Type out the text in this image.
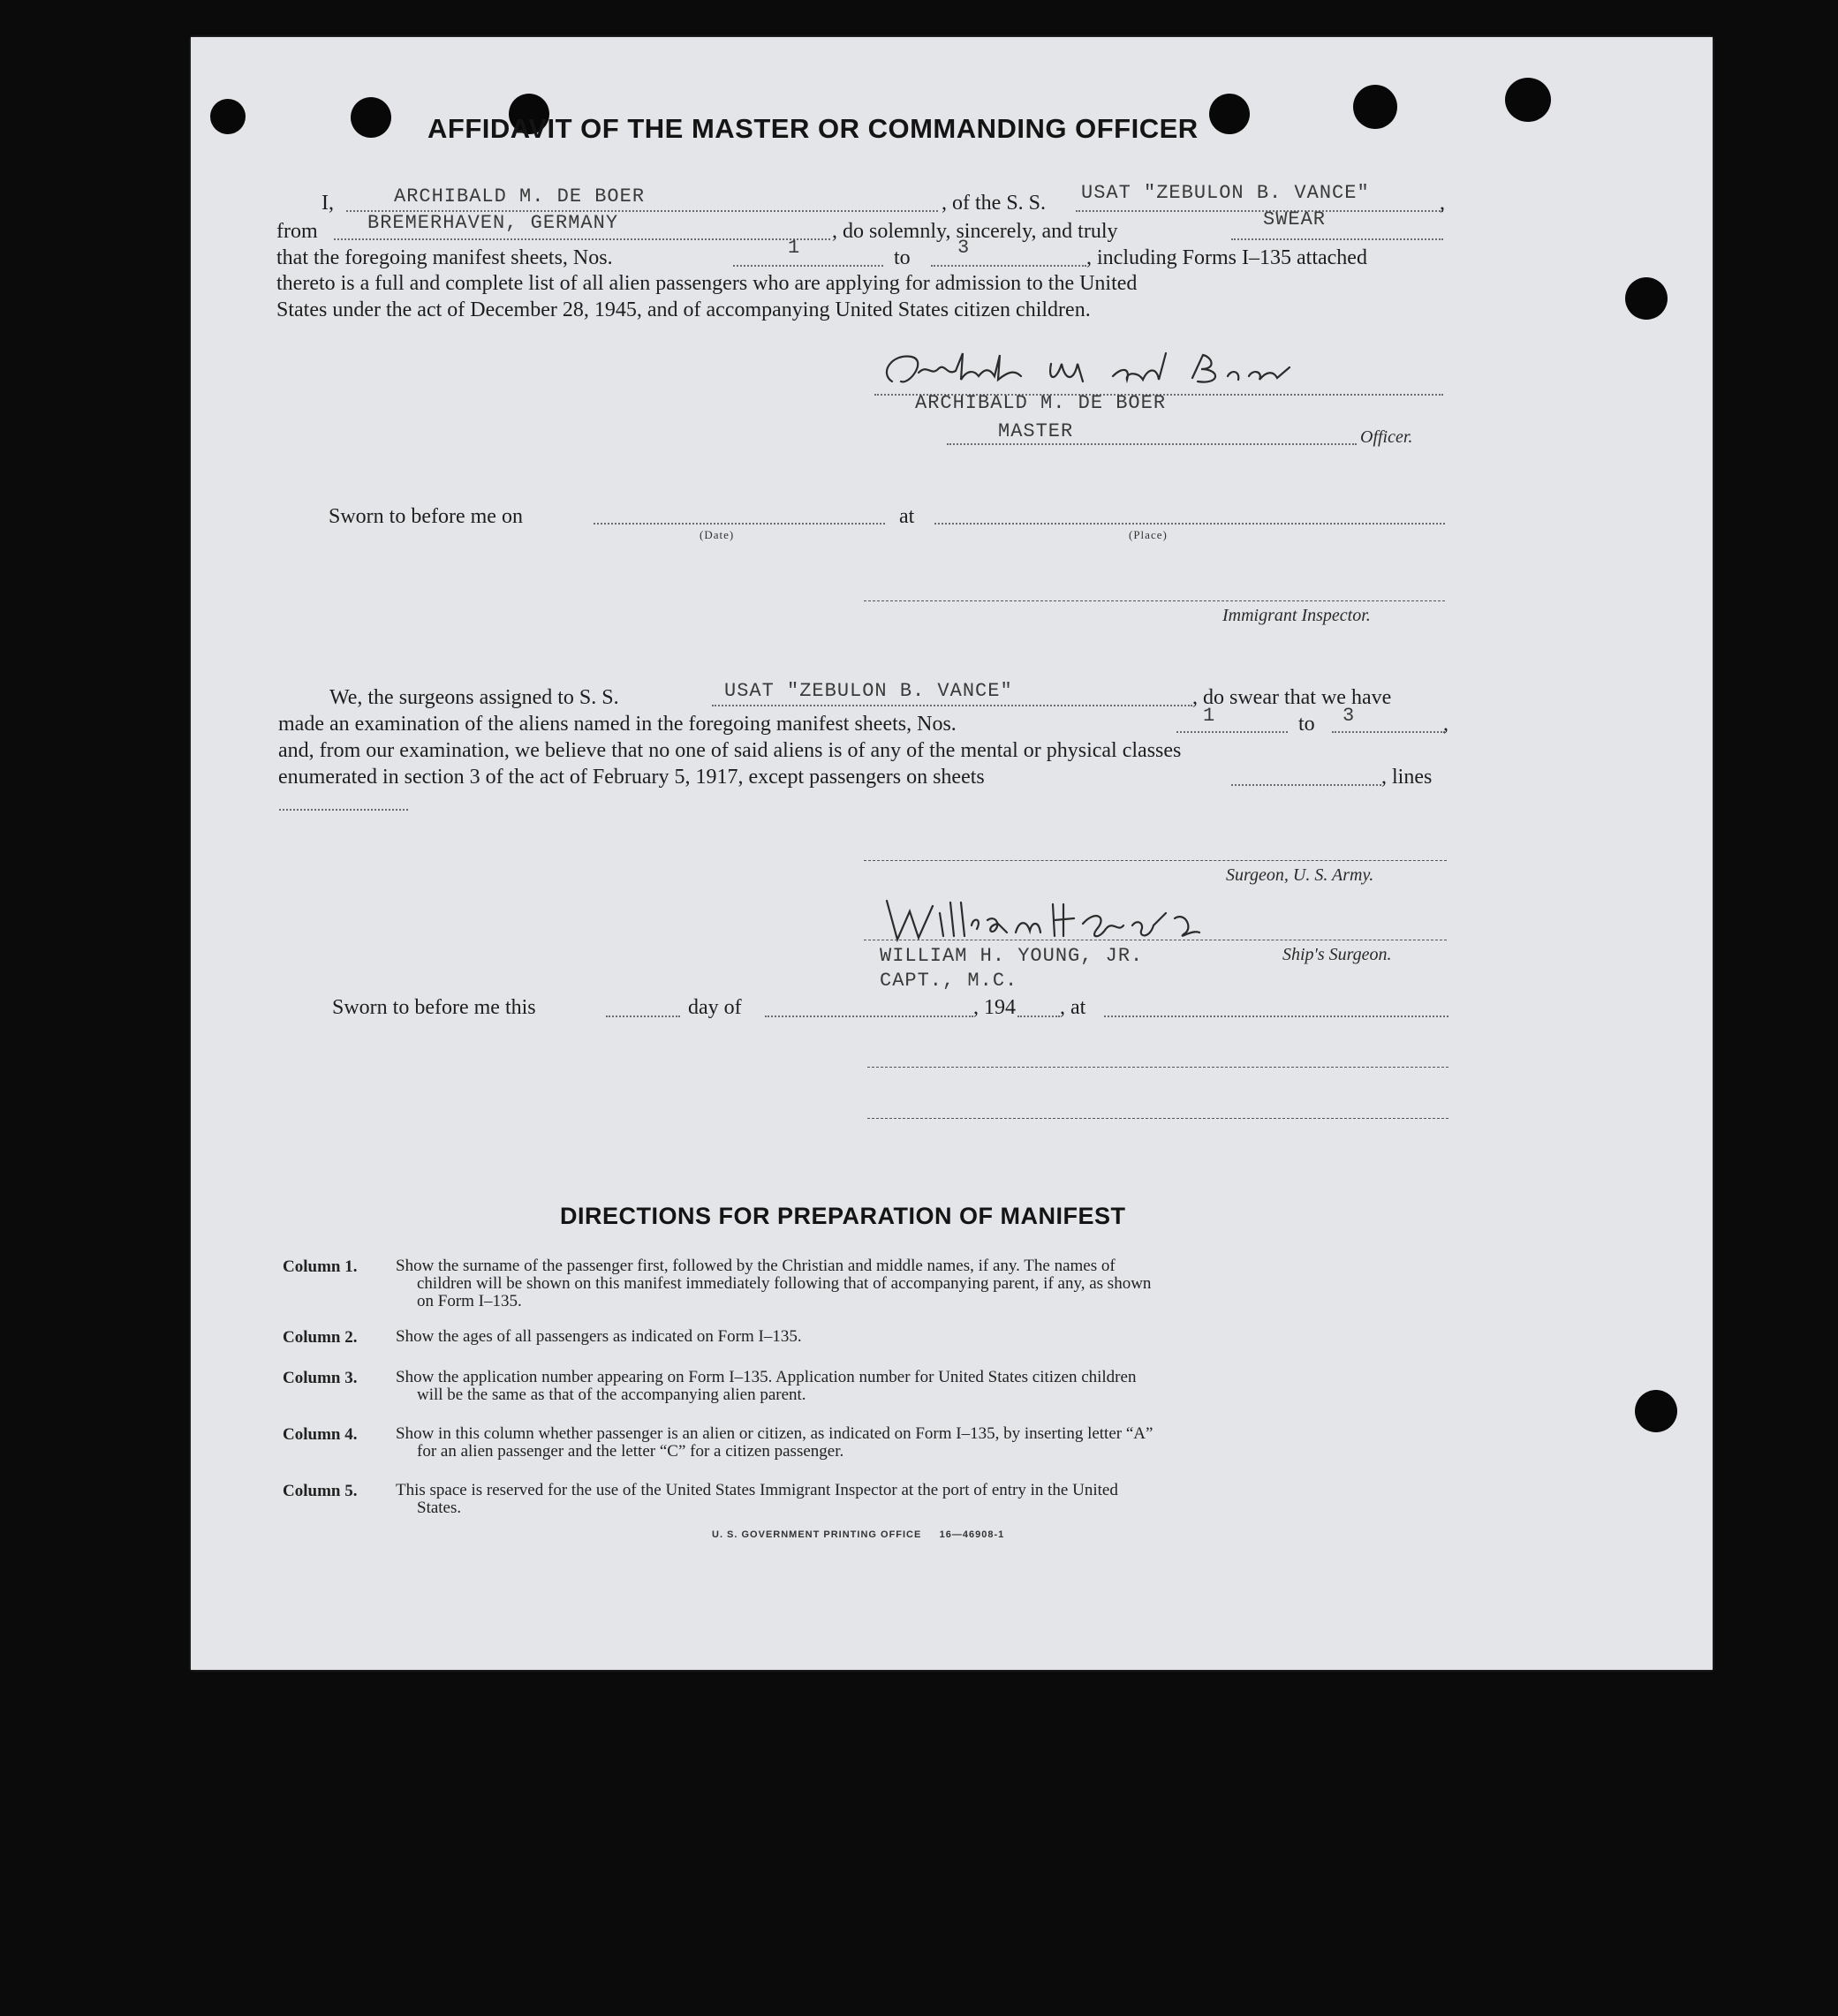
AFFIDAVIT OF THE MASTER OR COMMANDING OFFICER
I,	ARCHIBALD M. DE BOER	, of the S. S. USAT "ZEBULON B. VANCE"	,
from	BREMERHAVEN, GERMANY	, do solemnly, sincerely, and truly
SWEAR
that the foregoing manifest sheets, Nos.	1	to 3	, including Forms I–135 attached
thereto is a full and complete list of all alien passengers who are applying for admission to the United
States under the act of December 28, 1945, and of accompanying United States citizen children.
ARCHIBALD M. DE BOER
MASTER	Officer.
Sworn to before me on
(Date)
at
(Place)
Immigrant Inspector.
We, the surgeons assigned to S. S.	USAT "ZEBULON B. VANCE"	, do swear that we have
made an examination of the aliens named in the foregoing manifest sheets, Nos.	1	to 3	,
and, from our examination, we believe that no one of said aliens is of any of the mental or physical classes
enumerated in section 3 of the act of February 5, 1917, except passengers on sheets	, lines
Surgeon, U. S. Army.
WILLIAM H. YOUNG, JR.	Ship's Surgeon.
CAPT., M.C.
Sworn to before me this	day of	, 194 , at
DIRECTIONS FOR PREPARATION OF MANIFEST
Column 1.	Show the surname of the passenger first, followed by the Christian and middle names, if any. The names of
children will be shown on this manifest immediately following that of accompanying parent, if any, as shown
on Form I–135.
Column 2.	Show the ages of all passengers as indicated on Form I–135.
Column 3.	Show the application number appearing on Form I–135. Application number for United States citizen children
will be the same as that of the accompanying alien parent.
Column 4.	Show in this column whether passenger is an alien or citizen, as indicated on Form I–135, by inserting letter “A”
for an alien passenger and the letter “C” for a citizen passenger.
Column 5.	This space is reserved for the use of the United States Immigrant Inspector at the port of entry in the United
States.
U. S. GOVERNMENT PRINTING OFFICE     16—46908-1
